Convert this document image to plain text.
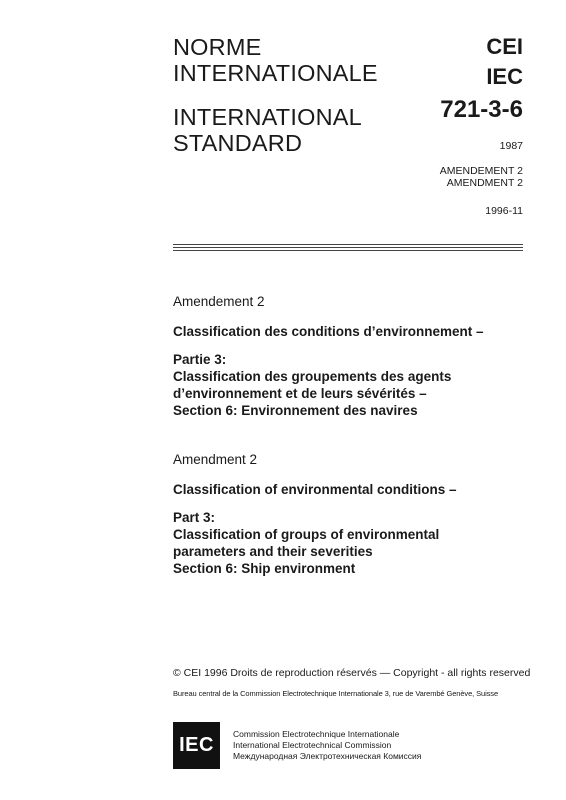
NORME
INTERNATIONALE
INTERNATIONAL
STANDARD
CEI
IEC
721-3-6
1987
AMENDEMENT 2
AMENDMENT 2
1996-11
Amendement 2
Classification des conditions d’environnement –
Partie 3:
Classification des groupements des agents
d’environnement et de leurs sévérités –
Section 6: Environnement des navires
Amendment 2
Classification of environmental conditions –
Part 3:
Classification of groups of environmental
parameters and their severities
Section 6: Ship environment
© CEI 1996 Droits de reproduction réservés — Copyright - all rights reserved
Bureau central de la Commission Electrotechnique Internationale 3, rue de Varembé Genève, Suisse
IEC Commission Electrotechnique Internationale
International Electrotechnical Commission
Международная Электротехническая Комиссия
